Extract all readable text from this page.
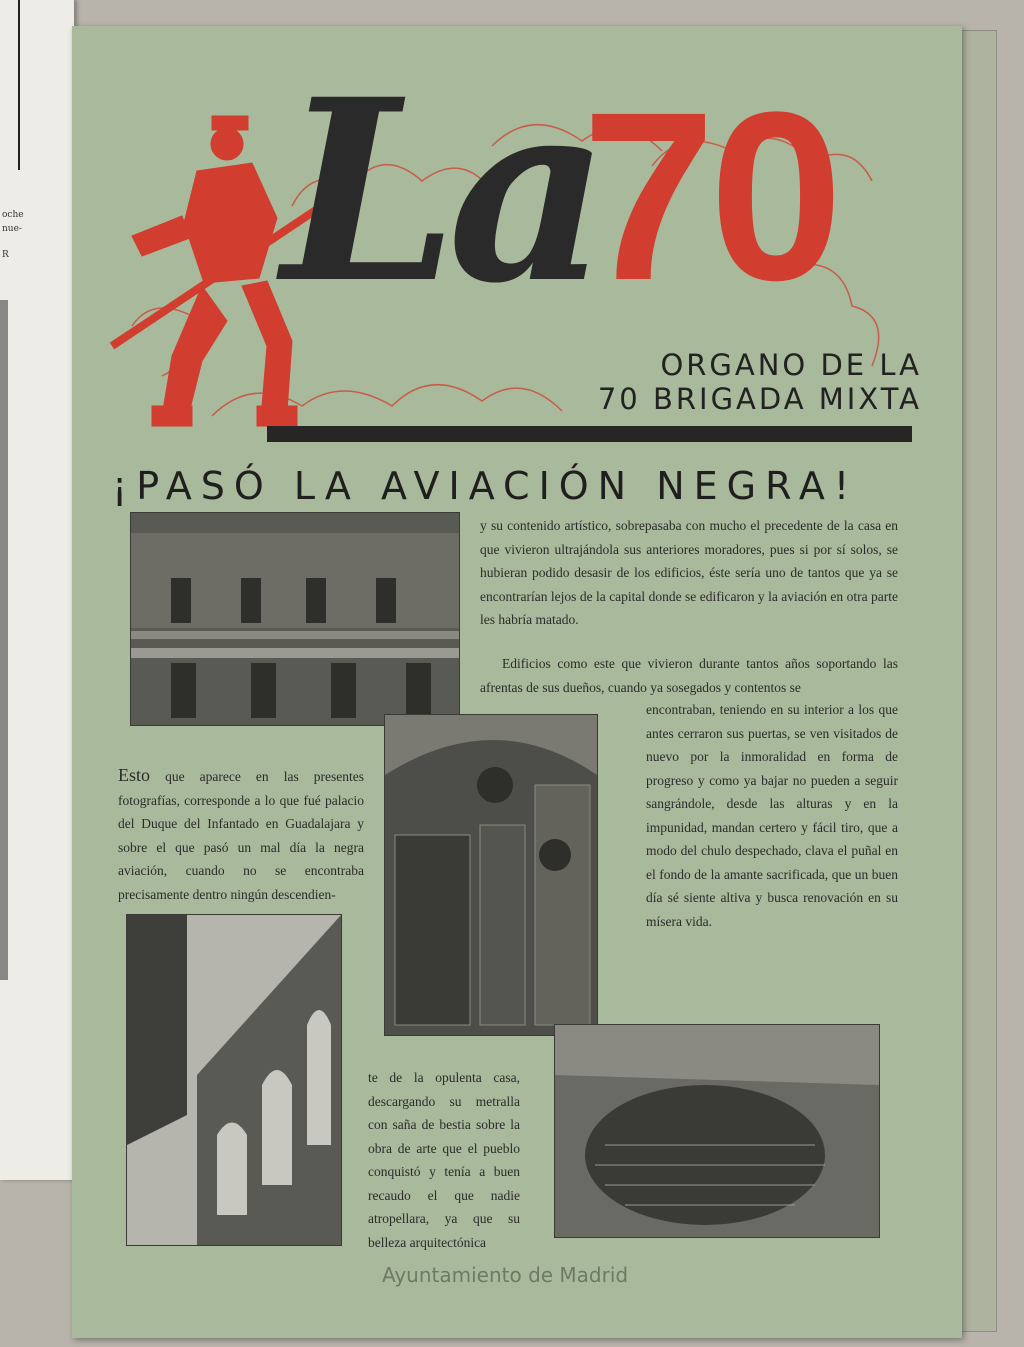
oche
nue-
R La
70
ORGANO DE LA
70 BRIGADA MIXTA
¡PASÓ LA AVIACIÓN NEGRA!
y su contenido artístico, sobrepasaba con mucho el precedente de la casa en que vivieron ultrajándola sus anteriores moradores, pues si por sí solos, se hubieran podido desasir de los edificios, éste sería uno de tantos que ya se encontrarían lejos de la capital donde se edificaron y la aviación en otra parte les habría matado.
Edificios como este que vivieron durante tantos años soportando las afrentas de sus dueños, cuando ya sosegados y contentos se
encontraban, teniendo en su interior a los que antes cerraron sus puertas, se ven visitados de nuevo por la inmoralidad en forma de progreso y como ya bajar no pueden a seguir sangrándole, desde las alturas y en la impunidad, mandan certero y fácil tiro, que a modo del chulo despechado, clava el puñal en el fondo de la amante sacrificada, que un buen día sé siente altiva y busca renovación en su mísera vida.
Esto que aparece en las presentes fotografías, corresponde a lo que fué palacio del Duque del Infantado en Guadalajara y sobre el que pasó un mal día la negra aviación, cuando no se encontraba precisamente dentro ningún descendien-
te de la opulenta casa, descargando su metralla con saña de bestia sobre la obra de arte que el pueblo conquistó y tenía a buen recaudo el que nadie atropellara, ya que su belleza arquitectónica
Ayuntamiento de Madrid
